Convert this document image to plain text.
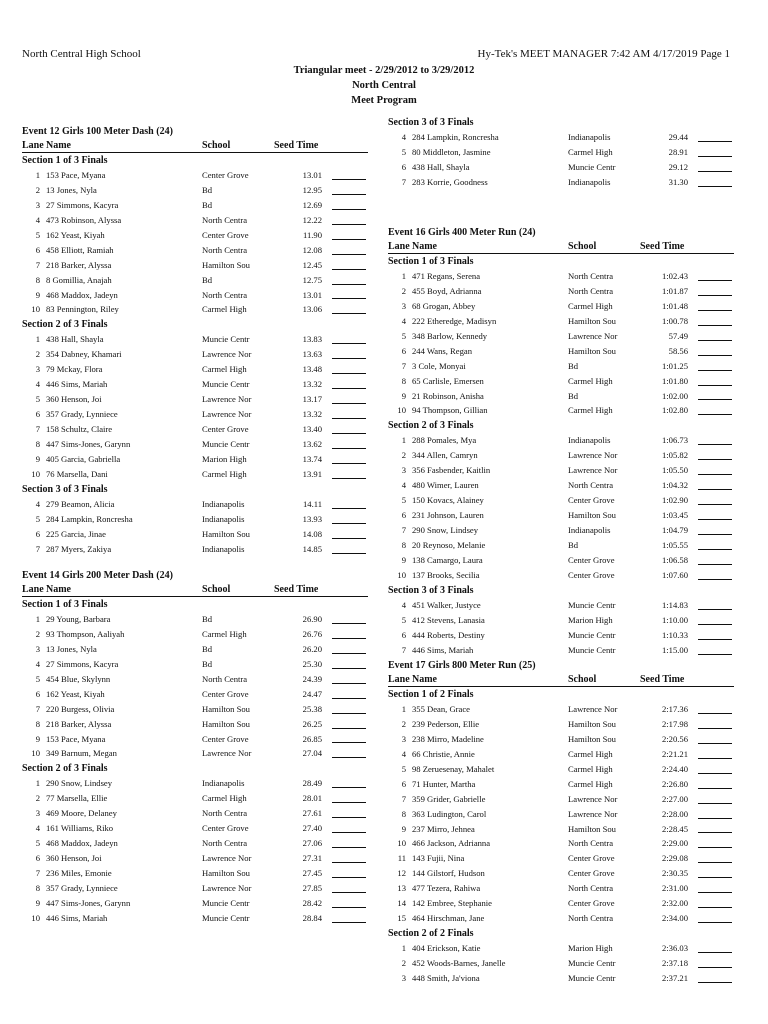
North Central High School	Hy-Tek's MEET MANAGER 7:42 AM 4/17/2019 Page 1
Triangular meet - 2/29/2012 to 3/29/2012
North Central
Meet Program
Event 12 Girls 100 Meter Dash (24)
Lane Name	School	Seed Time
Section 1 of 3 Finals
1 153 Pace, Myana	Center Grove	13.01
2 13 Jones, Nyla	Bd	12.95
3 27 Simmons, Kacyra	Bd	12.69
4 473 Robinson, Alyssa	North Centra	12.22
5 162 Yeast, Kiyah	Center Grove	11.90
6 458 Elliott, Ramiah	North Centra	12.08
7 218 Barker, Alyssa	Hamilton Sou	12.45
8 8 Gomillia, Anajah	Bd	12.75
9 468 Maddox, Jadeyn	North Centra	13.01
10 83 Pennington, Riley	Carmel High	13.06
Section 2 of 3 Finals
1 438 Hall, Shayla	Muncie Centr	13.83
2 354 Dabney, Khamari	Lawrence Nor	13.63
3 79 Mckay, Flora	Carmel High	13.48
4 446 Sims, Mariah	Muncie Centr	13.32
5 360 Henson, Joi	Lawrence Nor	13.17
6 357 Grady, Lynniece	Lawrence Nor	13.32
7 158 Schultz, Claire	Center Grove	13.40
8 447 Sims-Jones, Garynn	Muncie Centr	13.62
9 405 Garcia, Gabriella	Marion High	13.74
10 76 Marsella, Dani	Carmel High	13.91
Section 3 of 3 Finals
4 279 Beamon, Alicia	Indianapolis	14.11
5 284 Lampkin, Roncresha	Indianapolis	13.93
6 225 Garcia, Jinae	Hamilton Sou	14.08
7 287 Myers, Zakiya	Indianapolis	14.85
Event 14 Girls 200 Meter Dash (24)
Lane Name	School	Seed Time
Section 1 of 3 Finals
1 29 Young, Barbara	Bd	26.90
2 93 Thompson, Aaliyah	Carmel High	26.76
3 13 Jones, Nyla	Bd	26.20
4 27 Simmons, Kacyra	Bd	25.30
5 454 Blue, Skylynn	North Centra	24.39
6 162 Yeast, Kiyah	Center Grove	24.47
7 220 Burgess, Olivia	Hamilton Sou	25.38
8 218 Barker, Alyssa	Hamilton Sou	26.25
9 153 Pace, Myana	Center Grove	26.85
10 349 Barnum, Megan	Lawrence Nor	27.04
Section 2 of 3 Finals
1 290 Snow, Lindsey	Indianapolis	28.49
2 77 Marsella, Ellie	Carmel High	28.01
3 469 Moore, Delaney	North Centra	27.61
4 161 Williams, Riko	Center Grove	27.40
5 468 Maddox, Jadeyn	North Centra	27.06
6 360 Henson, Joi	Lawrence Nor	27.31
7 236 Miles, Emonie	Hamilton Sou	27.45
8 357 Grady, Lynniece	Lawrence Nor	27.85
9 447 Sims-Jones, Garynn	Muncie Centr	28.42
10 446 Sims, Mariah	Muncie Centr	28.84
Section 3 of 3 Finals
4 284 Lampkin, Roncresha	Indianapolis	29.44
5 80 Middleton, Jasmine	Carmel High	28.91
6 438 Hall, Shayla	Muncie Centr	29.12
7 283 Korrie, Goodness	Indianapolis	31.30
Event 16 Girls 400 Meter Run (24)
Lane Name	School	Seed Time
Section 1 of 3 Finals
1 471 Regans, Serena	North Centra	1:02.43
2 455 Boyd, Adrianna	North Centra	1:01.87
3 68 Grogan, Abbey	Carmel High	1:01.48
4 222 Etheredge, Madisyn	Hamilton Sou	1:00.78
5 348 Barlow, Kennedy	Lawrence Nor	57.49
6 244 Wans, Regan	Hamilton Sou	58.56
7 3 Cole, Monyai	Bd	1:01.25
8 65 Carlisle, Emersen	Carmel High	1:01.80
9 21 Robinson, Anisha	Bd	1:02.00
10 94 Thompson, Gillian	Carmel High	1:02.80
Section 2 of 3 Finals
1 288 Pomales, Mya	Indianapolis	1:06.73
2 344 Allen, Camryn	Lawrence Nor	1:05.82
3 356 Fasbender, Kaitlin	Lawrence Nor	1:05.50
4 480 Wimer, Lauren	North Centra	1:04.32
5 150 Kovacs, Alainey	Center Grove	1:02.90
6 231 Johnson, Lauren	Hamilton Sou	1:03.45
7 290 Snow, Lindsey	Indianapolis	1:04.79
8 20 Reynoso, Melanie	Bd	1:05.55
9 138 Camargo, Laura	Center Grove	1:06.58
10 137 Brooks, Secilia	Center Grove	1:07.60
Section 3 of 3 Finals
4 451 Walker, Justyce	Muncie Centr	1:14.83
5 412 Stevens, Lanasia	Marion High	1:10.00
6 444 Roberts, Destiny	Muncie Centr	1:10.33
7 446 Sims, Mariah	Muncie Centr	1:15.00
Event 17 Girls 800 Meter Run (25)
Lane Name	School	Seed Time
Section 1 of 2 Finals
1 355 Dean, Grace	Lawrence Nor	2:17.36
2 239 Pederson, Ellie	Hamilton Sou	2:17.98
3 238 Mirro, Madeline	Hamilton Sou	2:20.56
4 66 Christie, Annie	Carmel High	2:21.21
5 98 Zeruesenay, Mahalet	Carmel High	2:24.40
6 71 Hunter, Martha	Carmel High	2:26.80
7 359 Grider, Gabrielle	Lawrence Nor	2:27.00
8 363 Ludington, Carol	Lawrence Nor	2:28.00
9 237 Mirro, Jehnea	Hamilton Sou	2:28.45
10 466 Jackson, Adrianna	North Centra	2:29.00
11 143 Fujii, Nina	Center Grove	2:29.08
12 144 Gilstorf, Hudson	Center Grove	2:30.35
13 477 Tezera, Rahiwa	North Centra	2:31.00
14 142 Embree, Stephanie	Center Grove	2:32.00
15 464 Hirschman, Jane	North Centra	2:34.00
Section 2 of 2 Finals
1 404 Erickson, Katie	Marion High	2:36.03
2 452 Woods-Barnes, Janelle	Muncie Centr	2:37.18
3 448 Smith, Ja'viona	Muncie Centr	2:37.21
